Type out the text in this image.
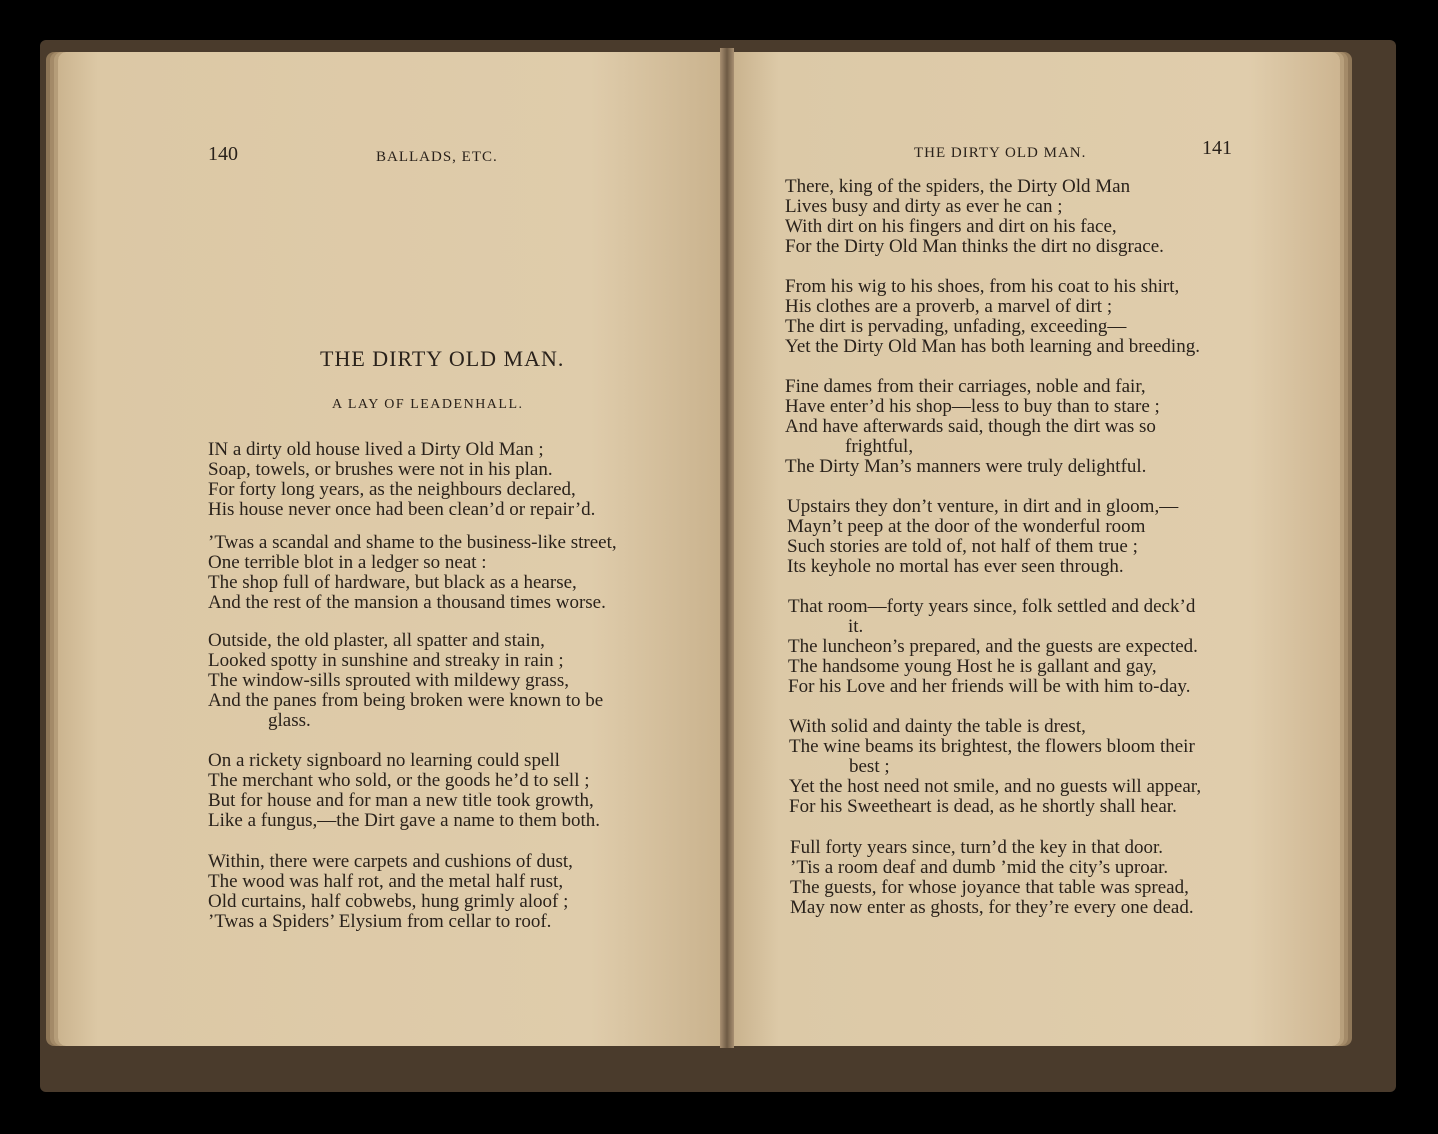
140	BALLADS, ETC.
THE DIRTY OLD MAN.
A LAY OF LEADENHALL.
IN a dirty old house lived a Dirty Old Man ;
Soap, towels, or brushes were not in his plan.
For forty long years, as the neighbours declared,
His house never once had been clean’d or repair’d.
’Twas a scandal and shame to the business-like street,
One terrible blot in a ledger so neat :
The shop full of hardware, but black as a hearse,
And the rest of the mansion a thousand times worse.
Outside, the old plaster, all spatter and stain,
Looked spotty in sunshine and streaky in rain ;
The window-sills sprouted with mildewy grass,
And the panes from being broken were known to be
glass.
On a rickety signboard no learning could spell
The merchant who sold, or the goods he’d to sell ;
But for house and for man a new title took growth,
Like a fungus,—the Dirt gave a name to them both.
Within, there were carpets and cushions of dust,
The wood was half rot, and the metal half rust,
Old curtains, half cobwebs, hung grimly aloof ;
’Twas a Spiders’ Elysium from cellar to roof.
THE DIRTY OLD MAN.	141
There, king of the spiders, the Dirty Old Man
Lives busy and dirty as ever he can ;
With dirt on his fingers and dirt on his face,
For the Dirty Old Man thinks the dirt no disgrace.
From his wig to his shoes, from his coat to his shirt,
His clothes are a proverb, a marvel of dirt ;
The dirt is pervading, unfading, exceeding—
Yet the Dirty Old Man has both learning and breeding.
Fine dames from their carriages, noble and fair,
Have enter’d his shop—less to buy than to stare ;
And have afterwards said, though the dirt was so
frightful,
The Dirty Man’s manners were truly delightful.
Upstairs they don’t venture, in dirt and in gloom,—
Mayn’t peep at the door of the wonderful room
Such stories are told of, not half of them true ;
Its keyhole no mortal has ever seen through.
That room—forty years since, folk settled and deck’d
it.
The luncheon’s prepared, and the guests are expected.
The handsome young Host he is gallant and gay,
For his Love and her friends will be with him to-day.
With solid and dainty the table is drest,
The wine beams its brightest, the flowers bloom their
best ;
Yet the host need not smile, and no guests will appear,
For his Sweetheart is dead, as he shortly shall hear.
Full forty years since, turn’d the key in that door.
’Tis a room deaf and dumb ’mid the city’s uproar.
The guests, for whose joyance that table was spread,
May now enter as ghosts, for they’re every one dead.
